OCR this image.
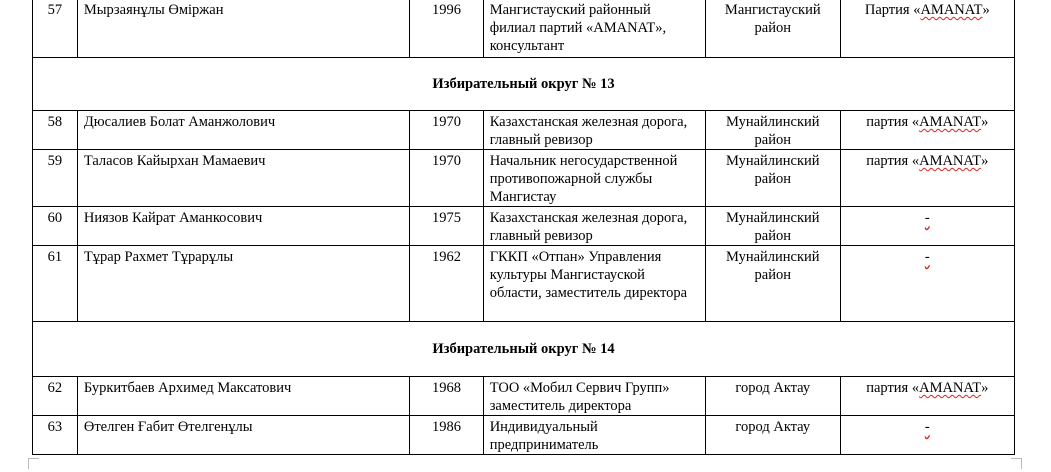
57	Мырзаянұлы Өміржан	1996	Мангистауский районный филиал партий «AMANAT», консультант	Мангистауский район	Партия «AMANAT»
Избирательный округ № 13					
58	Дюсалиев Болат Аманжолович	1970	Казахстанская железная дорога, главный ревизор	Мунайлинский район	партия «AMANAT»
59	Таласов Кайырхан Мамаевич	1970	Начальник негосударственной противопожарной службы Мангистау	Мунайлинский район	партия «AMANAT»
60	Ниязов Кайрат Аманкосович	1975	Казахстанская железная дорога, главный ревизор	Мунайлинский район	-
61	Тұрар Рахмет Тұрарұлы	1962	ГККП «Отпан» Управления культуры Мангистауской области, заместитель директора	Мунайлинский район	-
Избирательный округ № 14					
62	Буркитбаев Архимед Максатович	1968	ТОО «Мобил Сервич Групп» заместитель директора	город Актау	партия «AMANAT»
63	Өтелген Ғабит Өтелгенұлы	1986	Индивидуальный предприниматель	город Актау	-
